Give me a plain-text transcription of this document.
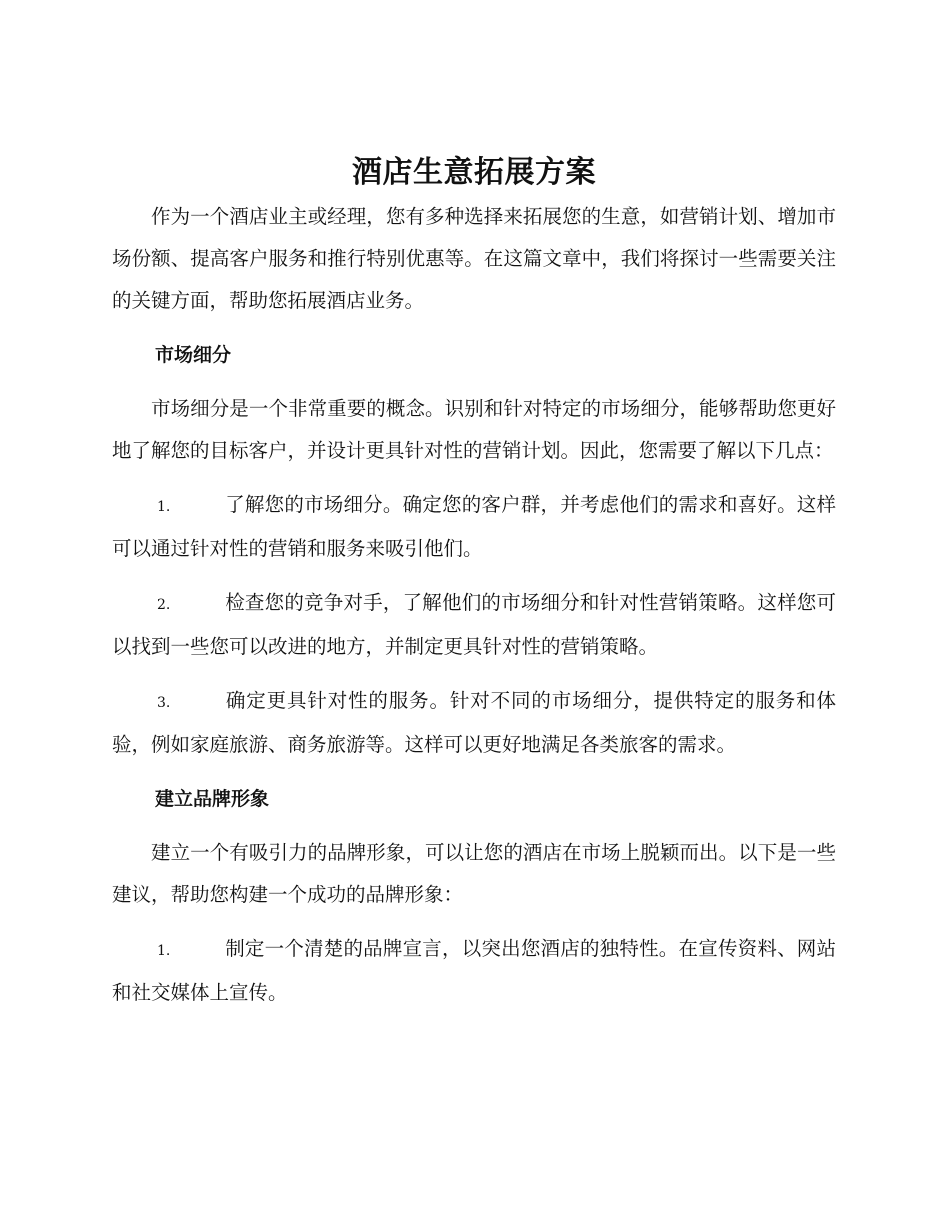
酒店生意拓展方案

作为一个酒店业主或经理，您有多种选择来拓展您的生意，如营销计划、增加市场份额、提高客户服务和推行特别优惠等。在这篇文章中，我们将探讨一些需要关注的关键方面，帮助您拓展酒店业务。

市场细分

市场细分是一个非常重要的概念。识别和针对特定的市场细分，能够帮助您更好地了解您的目标客户，并设计更具针对性的营销计划。因此，您需要了解以下几点：

1.	了解您的市场细分。确定您的客户群，并考虑他们的需求和喜好。这样可以通过针对性的营销和服务来吸引他们。
2.	检查您的竞争对手，了解他们的市场细分和针对性营销策略。这样您可以找到一些您可以改进的地方，并制定更具针对性的营销策略。
3.	确定更具针对性的服务。针对不同的市场细分，提供特定的服务和体验，例如家庭旅游、商务旅游等。这样可以更好地满足各类旅客的需求。
建立品牌形象

建立一个有吸引力的品牌形象，可以让您的酒店在市场上脱颖而出。以下是一些建议，帮助您构建一个成功的品牌形象：

1.	制定一个清楚的品牌宣言，以突出您酒店的独特性。在宣传资料、网站和社交媒体上宣传。
